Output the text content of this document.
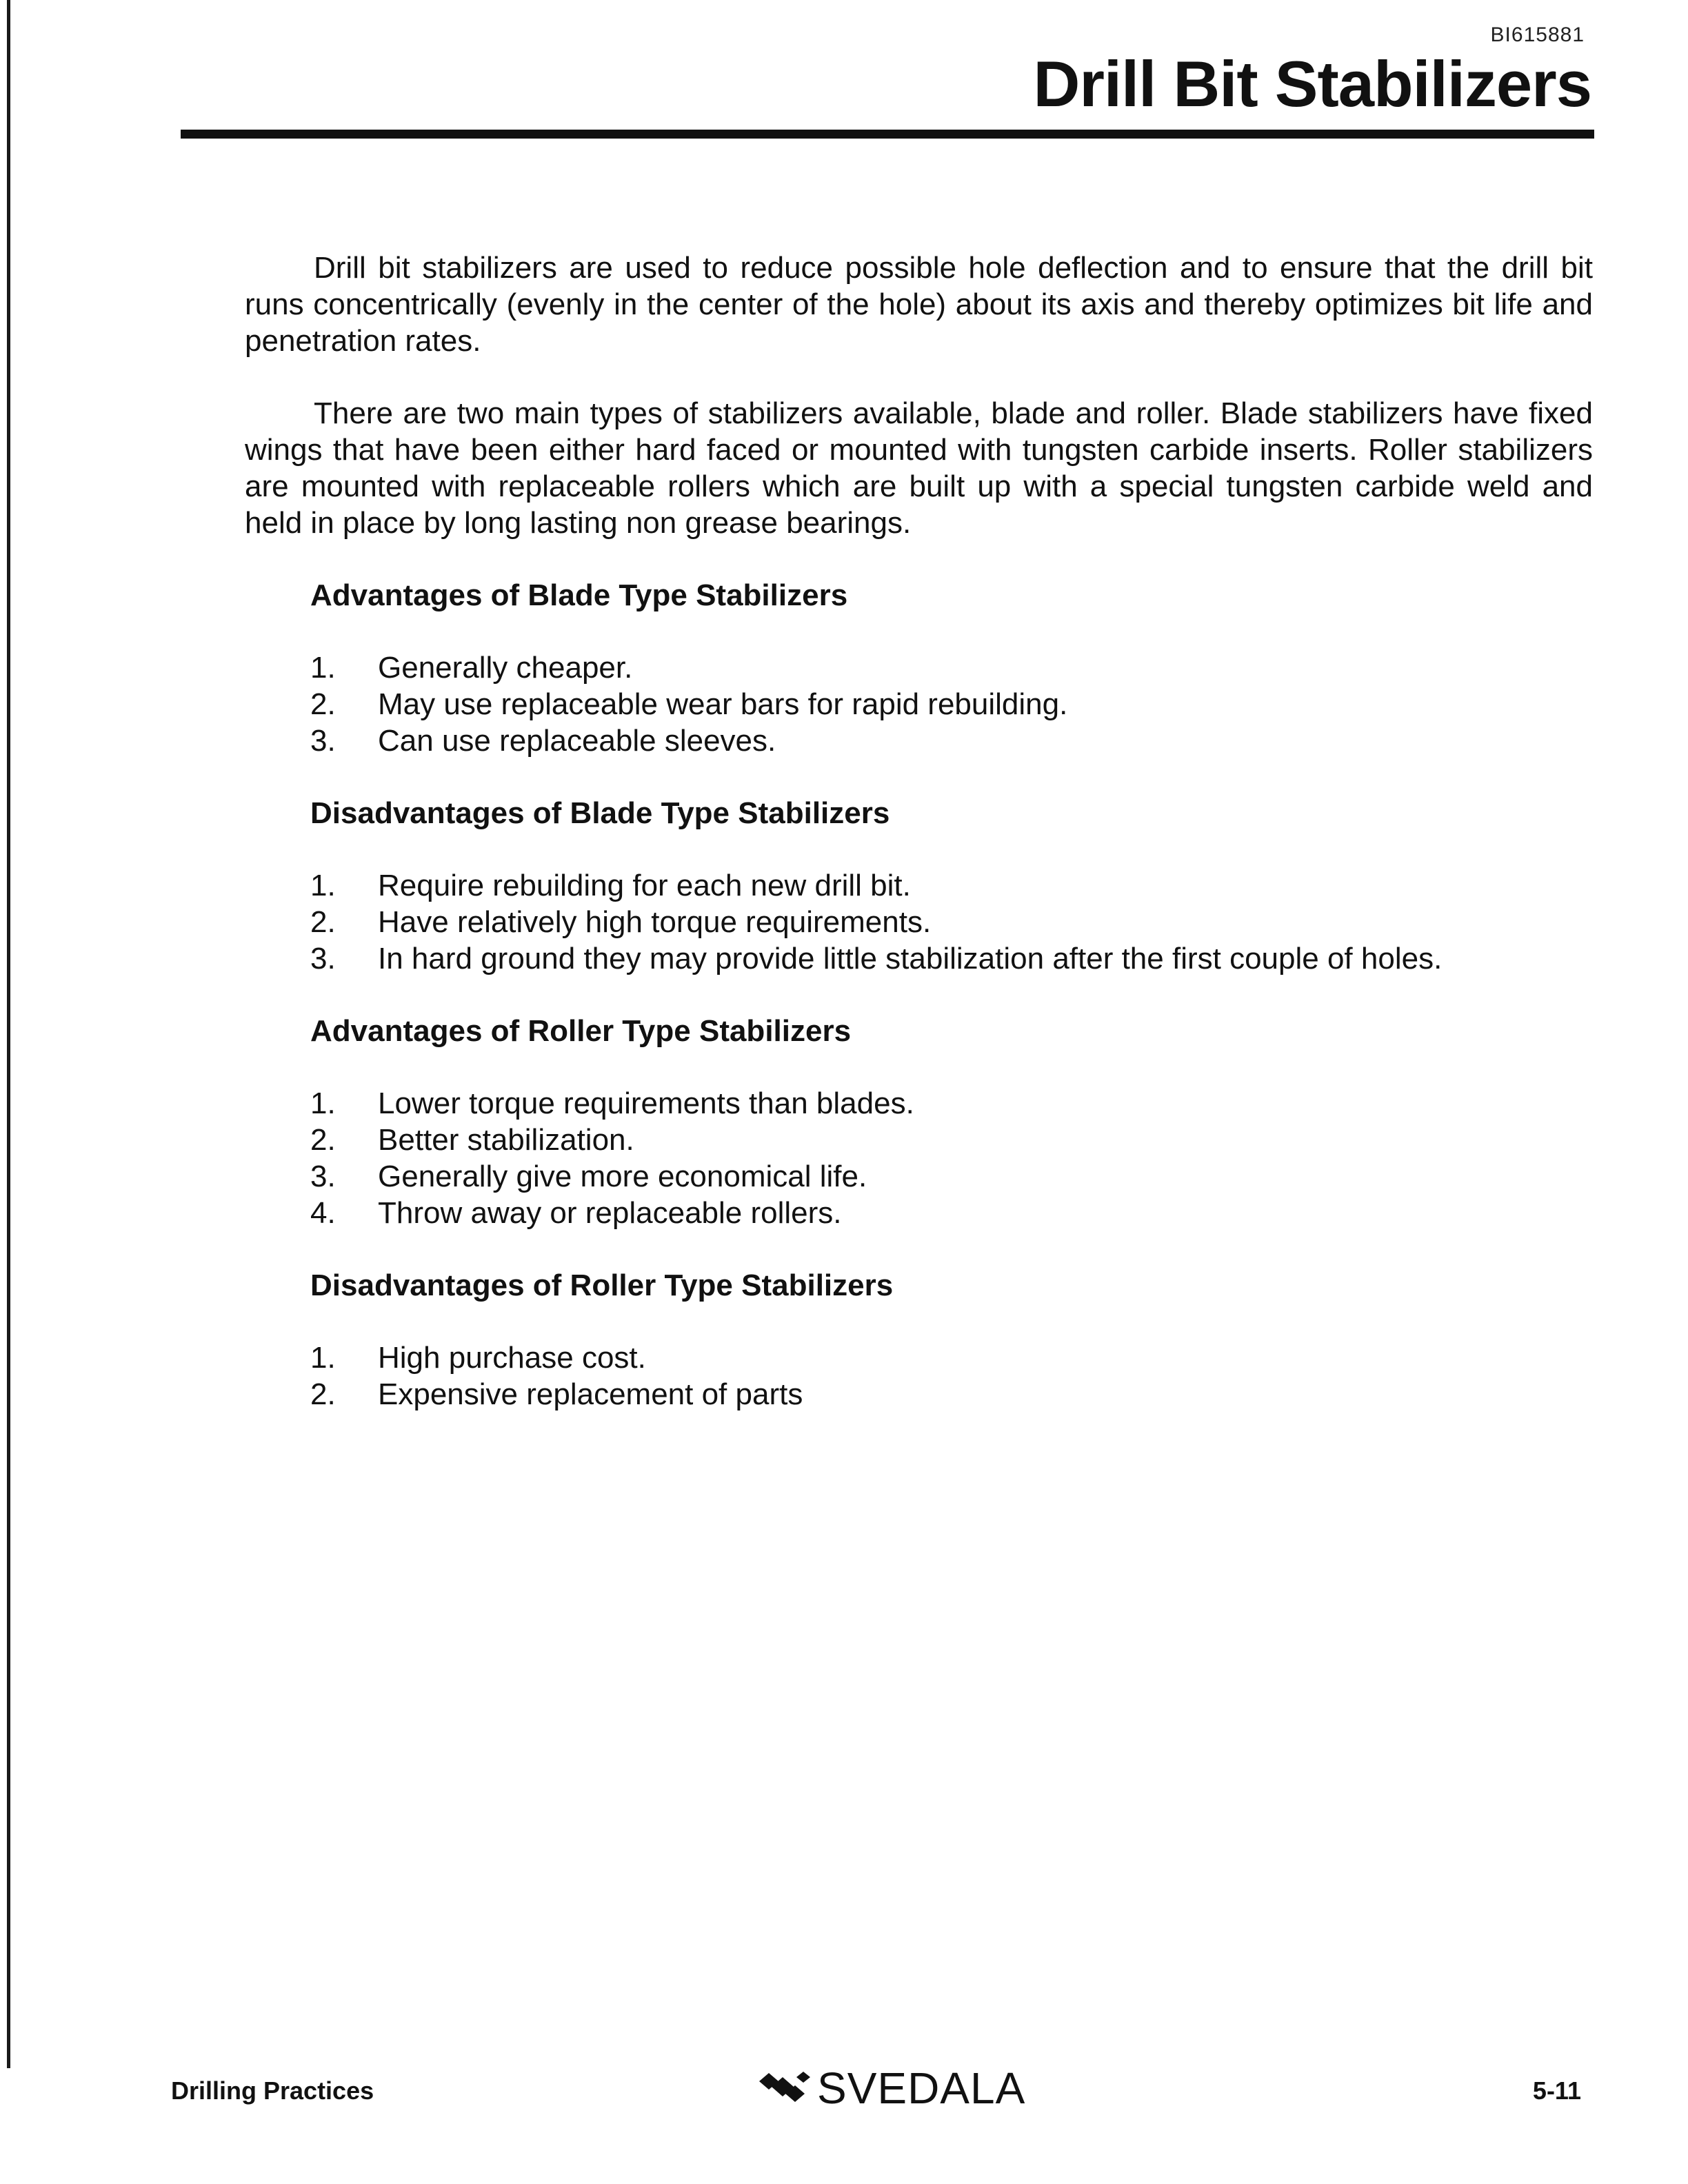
BI615881
Drill Bit Stabilizers

Drill bit stabilizers are used to reduce possible hole deflection and to ensure that the drill bit runs concentrically (evenly in the center of the hole) about its axis and thereby optimizes bit life and penetration rates.

There are two main types of stabilizers available, blade and roller. Blade stabilizers have fixed wings that have been either hard faced or mounted with tungsten carbide inserts. Roller stabilizers are mounted with replaceable rollers which are built up with a special tungsten carbide weld and held in place by long lasting non grease bearings.

Advantages of Blade Type Stabilizers
1.	Generally cheaper.
2.	May use replaceable wear bars for rapid rebuilding.
3.	Can use replaceable sleeves.
Disadvantages of Blade Type Stabilizers
1.	Require rebuilding for each new drill bit.
2.	Have relatively high torque requirements.
3.	In hard ground they may provide little stabilization after the first couple of holes.
Advantages of Roller Type Stabilizers
1.	Lower torque requirements than blades.
2.	Better stabilization.
3.	Generally give more economical life.
4.	Throw away or replaceable rollers.
Disadvantages of Roller Type Stabilizers
1.	High purchase cost.
2.	Expensive replacement of parts
Drilling Practices	SVEDALA	5-11
